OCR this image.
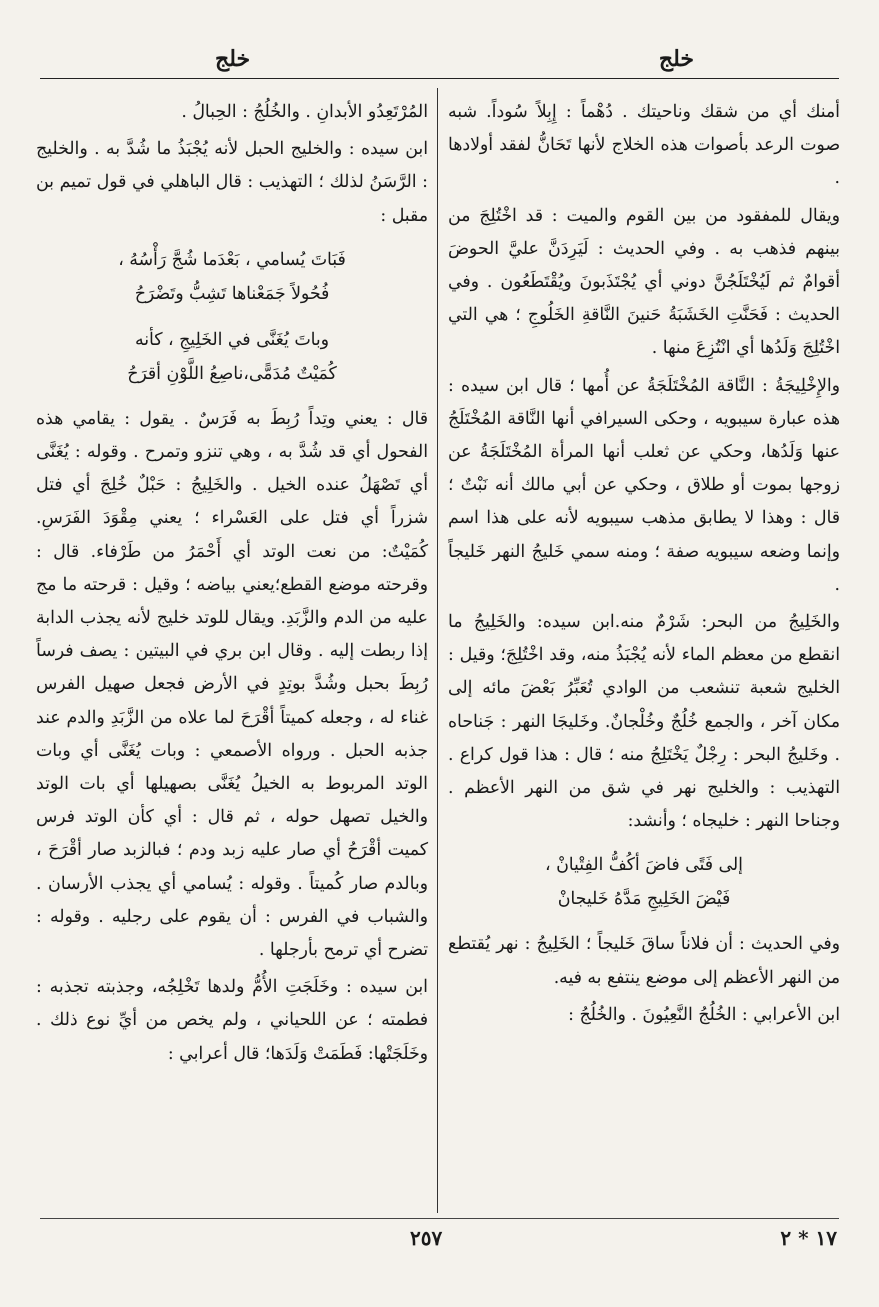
خلج
خلج

أمنك أي من شقك وناحيتك . دُهْماً : إِبِلاً سُوداً. شبه صوت الرعد بأصوات هذه الخلاج لأنها تَحَانُّ لفقد أولادها .

ويقال للمفقود من بين القوم والميت : قد اخْتُلِجَ من بينهم فذهب به . وفي الحديث : لَيَرِدَنَّ عليَّ الحوضَ أقوامٌ ثم لَيُخْتَلَجُنَّ دوني أي يُجْتَذَبونَ ويُقْتَطَعُون . وفي الحديث : فَحَنَّتِ الخَشَبَةُ حَنينَ النَّاقةِ الخَلُوجِ ؛ هي التي اخْتُلِجَ وَلَدُها أي انْتُزِعَ منها .

والإِخْلِيجَةُ : النَّاقة المُخْتَلَجَةُ عن أُمها ؛ قال ابن سيده : هذه عبارة سيبويه ، وحكى السيرافي أنها النَّاقة المُخْتَلَجُ عنها وَلَدُها، وحكي عن ثعلب أنها المرأة المُخْتَلَجَةُ عن زوجها بموت أو طلاق ، وحكي عن أبي مالك أنه نَبْتٌ ؛ قال : وهذا لا يطابق مذهب سيبويه لأنه على هذا اسم وإنما وضعه سيبويه صفة ؛ ومنه سمي خَليجُ النهر خَليجاً .

والخَلِيجُ من البحر: شَرْمٌ منه.ابن سيده: والخَلِيجُ ما انقطع من معظم الماء لأنه يُجْبَذُ منه، وقد اخْتُلِجَ؛ وقيل : الخليج شعبة تنشعب من الوادي تُعَبِّرُ بَعْضَ مائه إلى مكان آخر ، والجمع خُلُجٌ وخُلْجانٌ. وخَليجَا النهر : جَناحاه . وخَليجُ البحر : رِجْلٌ يَخْتَلِجُ منه ؛ قال : هذا قول كراع . التهذيب : والخليج نهر في شق من النهر الأعظم . وجناحا النهر : خليجاه ؛ وأنشد:

إلى فَتًى فاضَ أكُفُّ الفِتْيانْ ،
فَيْضَ الخَلِيجِ مَدَّهُ خَليجانْ

وفي الحديث : أن فلاناً ساقَ خَليجاً ؛ الخَلِيجُ : نهر يُقتطع من النهر الأعظم إلى موضع ينتفع به فيه.

ابن الأعرابي : الخُلُجُ النَّعِيُونَ . والخُلُجُ :

المُرْتَعِدُو الأبدانِ . والخُلُجُ : الحِبالُ .

ابن سيده : والخليج الحبل لأنه يُجْبَذُ ما شُدَّ به . والخليج : الرَّسَنُ لذلك ؛ التهذيب : قال الباهلي في قول تميم بن مقبل :

فَبَاتَ يُسامي ، بَعْدَما شُجَّ رَأْسُهُ ،
فُحُولاً جَمَعْناها تَشِبُّ وتَضْرَحُ
وباتَ يُغَنَّى في الخَلِيجِ ، كأنه
كُمَيْتٌ مُدَمًّى،ناصِعُ اللَّوْنِ أقرَحُ

قال : يعني وتِداً رُبِطَ به فَرَسٌ . يقول : يقامي هذه الفحول أي قد شُدَّ به ، وهي تنزو وتمرح . وقوله : يُغَنَّى أي تَصْهَلُ عنده الخيل . والخَلِيجُ : حَبْلٌ خُلِجَ أي فتل شزراً أي فتل على العَسْراء ؛ يعني مِقْوَدَ الفَرَسِ. كُمَيْتٌ: من نعت الوتد أي أَحْمَرُ من طَرْفاء. قال : وقرحته موضع القطع؛يعني بياضه ؛ وقيل : قرحته ما مج عليه من الدم والزَّبَدِ. ويقال للوتد خليج لأنه يجذب الدابة إذا ربطت إليه . وقال ابن بري في البيتين : يصف فرساً رُبِطَ بحبل وشُدَّ بوتِدٍ في الأرض فجعل صهيل الفرس غناء له ، وجعله كميتاً أقْرَحَ لما علاه من الزَّبَدِ والدم عند جذبه الحبل . ورواه الأصمعي : وبات يُغَنَّى أي وبات الوتد المربوط به الخيلُ يُغَنَّى بصهيلها أي بات الوتد والخيل تصهل حوله ، ثم قال : أي كأن الوتد فرس كميت أقْرَحُ أي صار عليه زبد ودم ؛ فبالزبد صار أقْرَحَ ، وبالدم صار كُميتاً . وقوله : يُسامي أي يجذب الأرسان . والشباب في الفرس : أن يقوم على رجليه . وقوله : تضرح أي ترمح بأرجلها .

ابن سيده : وخَلَجَتِ الأُمُّ ولدها تَخْلِجُه، وجذبته تجذبه : فطمته ؛ عن اللحياني ، ولم يخص من أيِّ نوع ذلك . وخَلَجَتْها: فَطَمَتْ وَلَدَها؛ قال أعرابي :

٢٥٧	١٧ * ٢
